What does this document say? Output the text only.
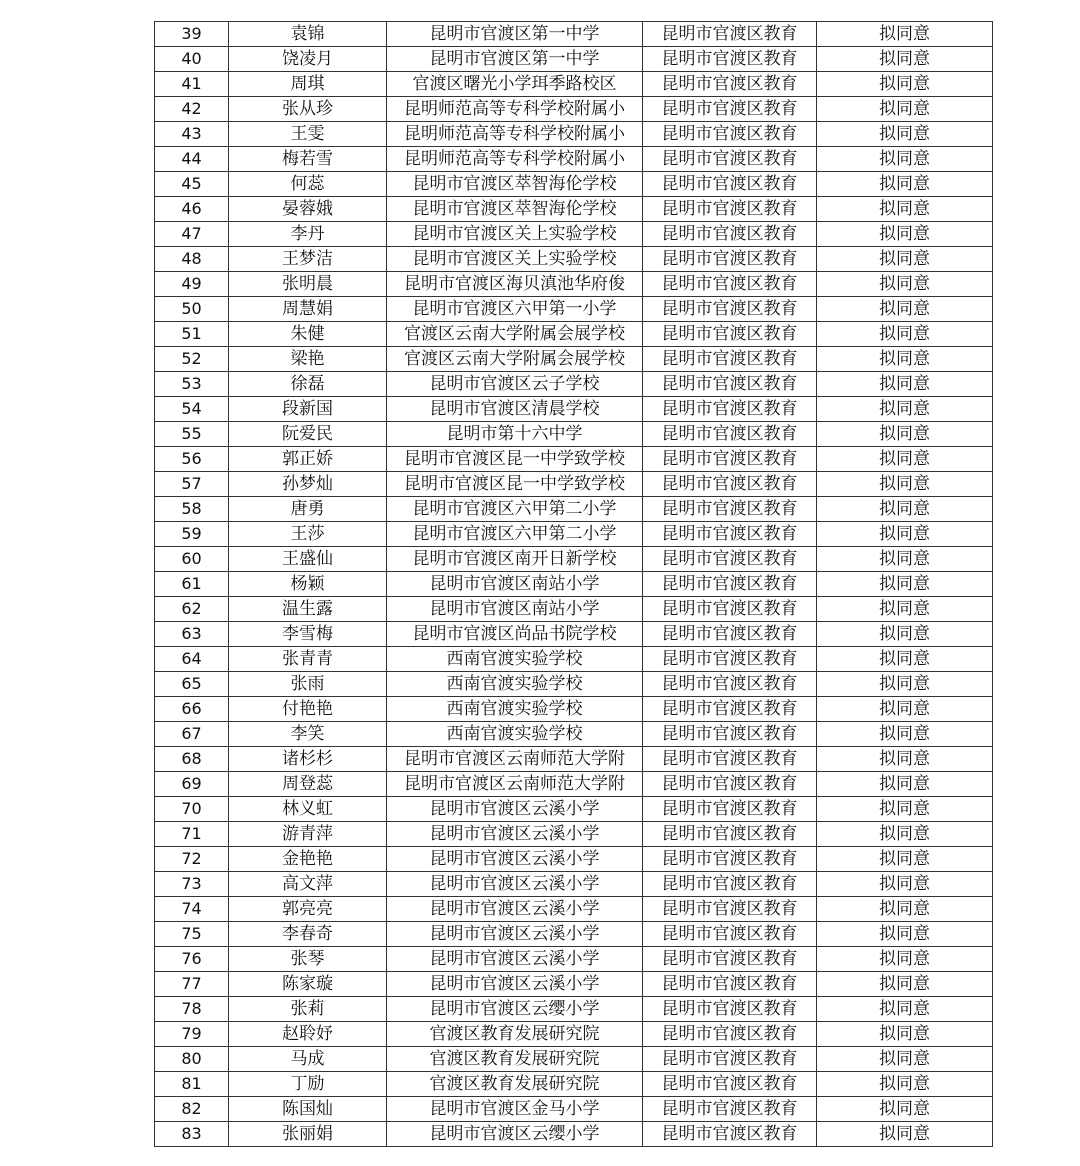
39	袁锦	昆明市官渡区第一中学	昆明市官渡区教育	拟同意
40	饶凌月	昆明市官渡区第一中学	昆明市官渡区教育	拟同意
41	周琪	官渡区曙光小学珥季路校区	昆明市官渡区教育	拟同意
42	张从珍	昆明师范高等专科学校附属小	昆明市官渡区教育	拟同意
43	王雯	昆明师范高等专科学校附属小	昆明市官渡区教育	拟同意
44	梅若雪	昆明师范高等专科学校附属小	昆明市官渡区教育	拟同意
45	何蕊	昆明市官渡区萃智海伦学校	昆明市官渡区教育	拟同意
46	晏蓉娥	昆明市官渡区萃智海伦学校	昆明市官渡区教育	拟同意
47	李丹	昆明市官渡区关上实验学校	昆明市官渡区教育	拟同意
48	王梦洁	昆明市官渡区关上实验学校	昆明市官渡区教育	拟同意
49	张明晨	昆明市官渡区海贝滇池华府俊	昆明市官渡区教育	拟同意
50	周慧娟	昆明市官渡区六甲第一小学	昆明市官渡区教育	拟同意
51	朱健	官渡区云南大学附属会展学校	昆明市官渡区教育	拟同意
52	梁艳	官渡区云南大学附属会展学校	昆明市官渡区教育	拟同意
53	徐磊	昆明市官渡区云子学校	昆明市官渡区教育	拟同意
54	段新国	昆明市官渡区清晨学校	昆明市官渡区教育	拟同意
55	阮爱民	昆明市第十六中学	昆明市官渡区教育	拟同意
56	郭正娇	昆明市官渡区昆一中学致学校	昆明市官渡区教育	拟同意
57	孙梦灿	昆明市官渡区昆一中学致学校	昆明市官渡区教育	拟同意
58	唐勇	昆明市官渡区六甲第二小学	昆明市官渡区教育	拟同意
59	王莎	昆明市官渡区六甲第二小学	昆明市官渡区教育	拟同意
60	王盛仙	昆明市官渡区南开日新学校	昆明市官渡区教育	拟同意
61	杨颖	昆明市官渡区南站小学	昆明市官渡区教育	拟同意
62	温生露	昆明市官渡区南站小学	昆明市官渡区教育	拟同意
63	李雪梅	昆明市官渡区尚品书院学校	昆明市官渡区教育	拟同意
64	张青青	西南官渡实验学校	昆明市官渡区教育	拟同意
65	张雨	西南官渡实验学校	昆明市官渡区教育	拟同意
66	付艳艳	西南官渡实验学校	昆明市官渡区教育	拟同意
67	李笑	西南官渡实验学校	昆明市官渡区教育	拟同意
68	诸杉杉	昆明市官渡区云南师范大学附	昆明市官渡区教育	拟同意
69	周登蕊	昆明市官渡区云南师范大学附	昆明市官渡区教育	拟同意
70	林义虹	昆明市官渡区云溪小学	昆明市官渡区教育	拟同意
71	游青萍	昆明市官渡区云溪小学	昆明市官渡区教育	拟同意
72	金艳艳	昆明市官渡区云溪小学	昆明市官渡区教育	拟同意
73	高文萍	昆明市官渡区云溪小学	昆明市官渡区教育	拟同意
74	郭亮亮	昆明市官渡区云溪小学	昆明市官渡区教育	拟同意
75	李春奇	昆明市官渡区云溪小学	昆明市官渡区教育	拟同意
76	张琴	昆明市官渡区云溪小学	昆明市官渡区教育	拟同意
77	陈家璇	昆明市官渡区云溪小学	昆明市官渡区教育	拟同意
78	张莉	昆明市官渡区云缨小学	昆明市官渡区教育	拟同意
79	赵聆妤	官渡区教育发展研究院	昆明市官渡区教育	拟同意
80	马成	官渡区教育发展研究院	昆明市官渡区教育	拟同意
81	丁励	官渡区教育发展研究院	昆明市官渡区教育	拟同意
82	陈国灿	昆明市官渡区金马小学	昆明市官渡区教育	拟同意
83	张丽娟	昆明市官渡区云缨小学	昆明市官渡区教育	拟同意
